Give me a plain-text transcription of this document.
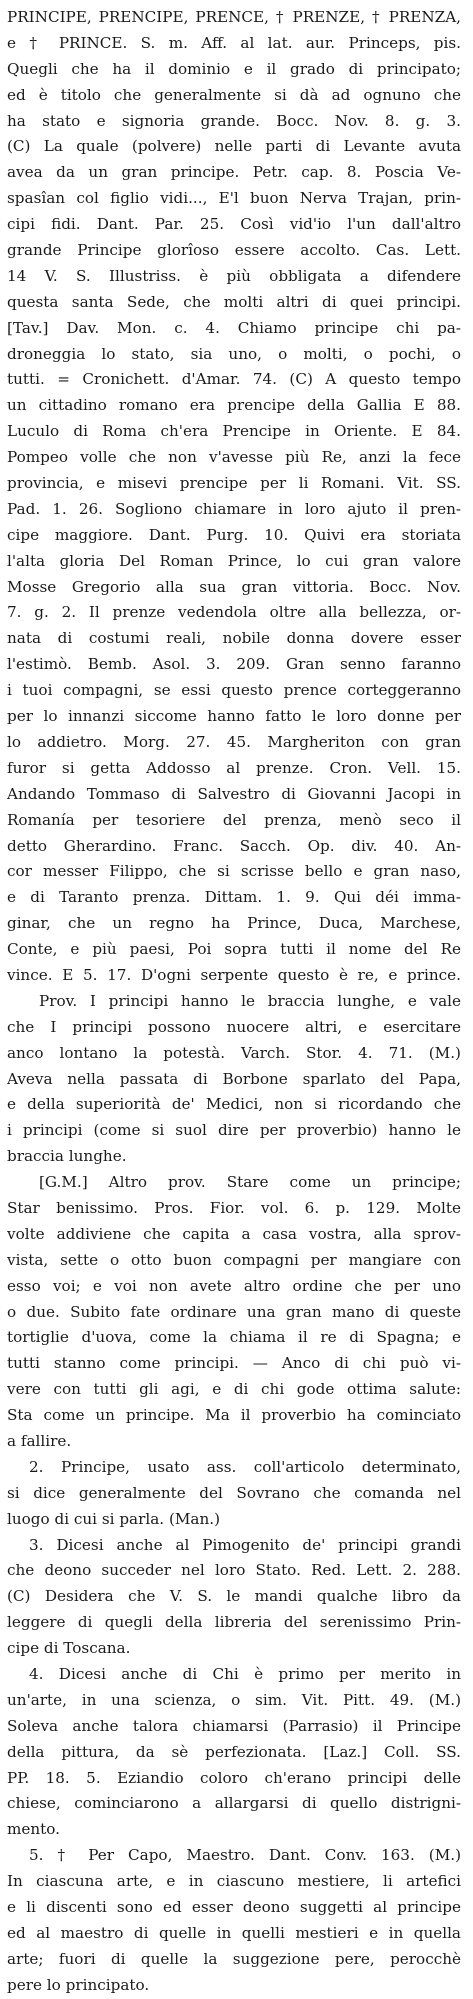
PRINCIPE, PRENCIPE, PRENCE, † PRENZE, † PRENZA,
e † PRINCE. S. m. Aff. al lat. aur. Princeps, pis.
Quegli che ha il dominio e il grado di principato;
ed è titolo che generalmente si dà ad ognuno che
ha stato e signoria grande. Bocc. Nov. 8. g. 3.
(C) La quale (polvere) nelle parti di Levante avuta
avea da un gran principe. Petr. cap. 8. Poscia Ve-
spasîan col figlio vidi..., E'l buon Nerva Trajan, prin-
cipi fidi. Dant. Par. 25. Così vid'io l'un dall'altro
grande Principe glorîoso essere accolto. Cas. Lett.
14 V. S. Illustriss. è più obbligata a difendere
questa santa Sede, che molti altri di quei principi.
[Tav.] Dav. Mon. c. 4. Chiamo principe chi pa-
droneggia lo stato, sia uno, o molti, o pochi, o
tutti. = Cronichett. d'Amar. 74. (C) A questo tempo
un cittadino romano era prencipe della Gallia E 88.
Luculo di Roma ch'era Prencipe in Oriente. E 84.
Pompeo volle che non v'avesse più Re, anzi la fece
provincia, e misevi prencipe per li Romani. Vit. SS.
Pad. 1. 26. Sogliono chiamare in loro ajuto il pren-
cipe maggiore. Dant. Purg. 10. Quivi era storiata
l'alta gloria Del Roman Prince, lo cui gran valore
Mosse Gregorio alla sua gran vittoria. Bocc. Nov.
7. g. 2. Il prenze vedendola oltre alla bellezza, or-
nata di costumi reali, nobile donna dovere esser
l'estimò. Bemb. Asol. 3. 209. Gran senno faranno
i tuoi compagni, se essi questo prence corteggeranno
per lo innanzi siccome hanno fatto le loro donne per
lo addietro. Morg. 27. 45. Margheriton con gran
furor si getta Addosso al prenze. Cron. Vell. 15.
Andando Tommaso di Salvestro di Giovanni Jacopi in
Romanía per tesoriere del prenza, menò seco il
detto Gherardino. Franc. Sacch. Op. div. 40. An-
cor messer Filippo, che si scrisse bello e gran naso,
e di Taranto prenza. Dittam. 1. 9. Qui déi imma-
ginar, che un regno ha Prince, Duca, Marchese,
Conte, e più paesi, Poi sopra tutti il nome del Re
vince. E 5. 17. D'ogni serpente questo è re, e prince.
Prov. I principi hanno le braccia lunghe, e vale
che I principi possono nuocere altri, e esercitare
anco lontano la potestà. Varch. Stor. 4. 71. (M.)
Aveva nella passata di Borbone sparlato del Papa,
e della superiorità de' Medici, non si ricordando che
i principi (come si suol dire per proverbio) hanno le
braccia lunghe.
[G.M.] Altro prov. Stare come un principe;
Star benissimo. Pros. Fior. vol. 6. p. 129. Molte
volte addiviene che capita a casa vostra, alla sprov-
vista, sette o otto buon compagni per mangiare con
esso voi; e voi non avete altro ordine che per uno
o due. Subito fate ordinare una gran mano di queste
tortiglie d'uova, come la chiama il re di Spagna; e
tutti stanno come principi. — Anco di chi può vi-
vere con tutti gli agi, e di chi gode ottima salute:
Sta come un principe. Ma il proverbio ha cominciato
a fallire.
2. Principe, usato ass. coll'articolo determinato,
si dice generalmente del Sovrano che comanda nel
luogo di cui si parla. (Man.)
3. Dicesi anche al Pimogenito de' principi grandi
che deono succeder nel loro Stato. Red. Lett. 2. 288.
(C) Desidera che V. S. le mandi qualche libro da
leggere di quegli della libreria del serenissimo Prin-
cipe di Toscana.
4. Dicesi anche di Chi è primo per merito in
un'arte, in una scienza, o sim. Vit. Pitt. 49. (M.)
Soleva anche talora chiamarsi (Parrasio) il Principe
della pittura, da sè perfezionata. [Laz.] Coll. SS.
PP. 18. 5. Eziandio coloro ch'erano principi delle
chiese, cominciarono a allargarsi di quello distrigni-
mento.
5. † Per Capo, Maestro. Dant. Conv. 163. (M.)
In ciascuna arte, e in ciascuno mestiere, li artefici
e li discenti sono ed esser deono suggetti al principe
ed al maestro di quelle in quelli mestieri e in quella
arte; fuori di quelle la suggezione pere, perocchè
pere lo principato.
